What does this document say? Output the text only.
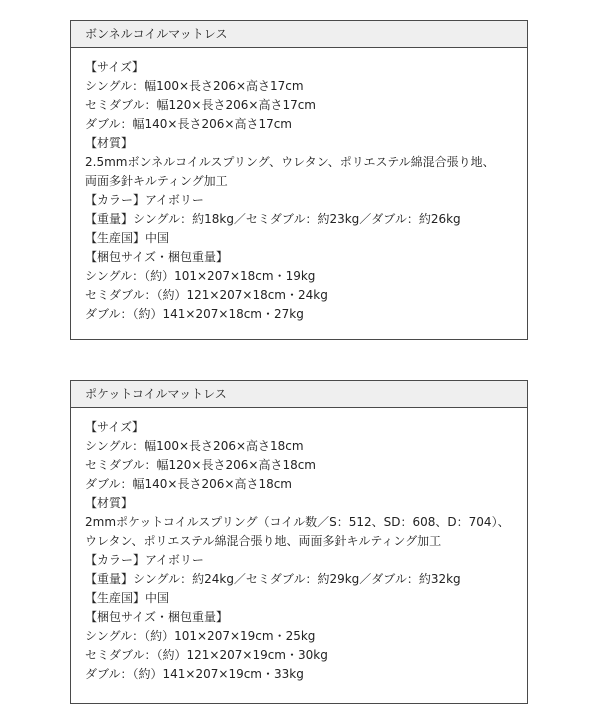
ボンネルコイルマットレス
【サイズ】
シングル：幅100×長さ206×高さ17cm
セミダブル：幅120×長さ206×高さ17cm
ダブル：幅140×長さ206×高さ17cm
【材質】
2.5mmボンネルコイルスプリング、ウレタン、ポリエステル綿混合張り地、
両面多針キルティング加工
【カラー】アイボリー
【重量】シングル：約18kg／セミダブル：約23kg／ダブル：約26kg
【生産国】中国
【梱包サイズ・梱包重量】
シングル：（約）101×207×18cm・19kg
セミダブル：（約）121×207×18cm・24kg
ダブル：（約）141×207×18cm・27kg
ポケットコイルマットレス
【サイズ】
シングル：幅100×長さ206×高さ18cm
セミダブル：幅120×長さ206×高さ18cm
ダブル：幅140×長さ206×高さ18cm
【材質】
2mmポケットコイルスプリング（コイル数／S：512、SD：608、D：704）、
ウレタン、ポリエステル綿混合張り地、両面多針キルティング加工
【カラー】アイボリー
【重量】シングル：約24kg／セミダブル：約29kg／ダブル：約32kg
【生産国】中国
【梱包サイズ・梱包重量】
シングル：（約）101×207×19cm・25kg
セミダブル：（約）121×207×19cm・30kg
ダブル：（約）141×207×19cm・33kg
